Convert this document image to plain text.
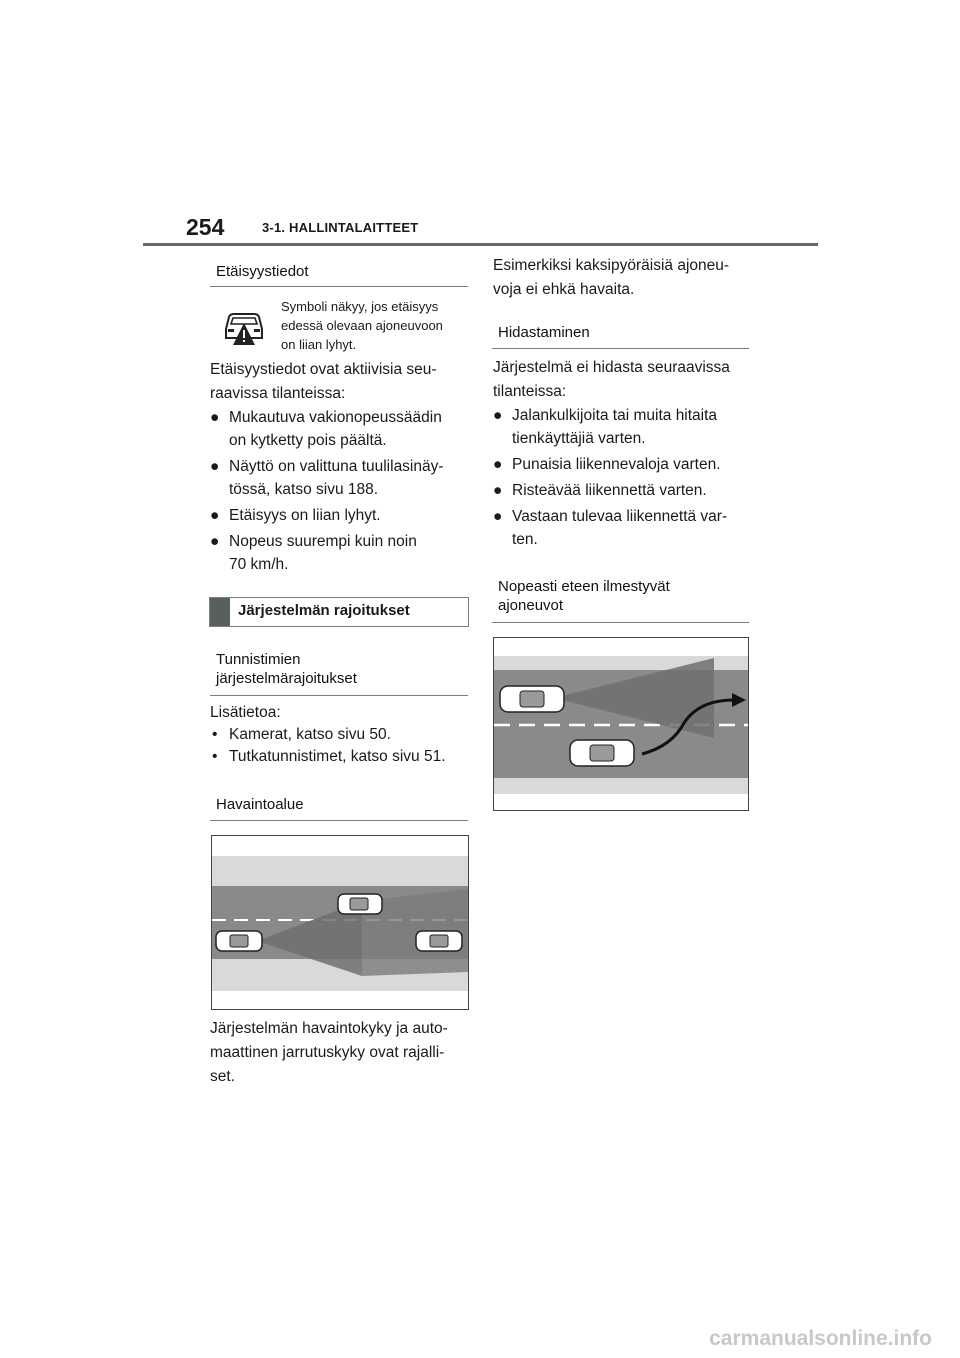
254	3-1. HALLINTALAITTEET
Etäisyystiedot
Symboli näkyy, jos etäisyys
edessä olevaan ajoneuvoon
on liian lyhyt.
Etäisyystiedot ovat aktiivisia seu-
raavissa tilanteissa:
● Mukautuva vakionopeussäädin
on kytketty pois päältä.
● Näyttö on valittuna tuulilasinäy-
tössä, katso sivu 188.
● Etäisyys on liian lyhyt.
● Nopeus suurempi kuin noin
70 km/h.
Järjestelmän rajoitukset
Tunnistimien
järjestelmärajoitukset
Lisätietoa:
• Kamerat, katso sivu 50.
• Tutkatunnistimet, katso sivu 51.
Havaintoalue
Järjestelmän havaintokyky ja auto-
maattinen jarrutuskyky ovat rajalli-
set.
Esimerkiksi kaksipyöräisiä ajoneu-
voja ei ehkä havaita.
Hidastaminen
Järjestelmä ei hidasta seuraavissa
tilanteissa:
● Jalankulkijoita tai muita hitaita
tienkäyttäjiä varten.
● Punaisia liikennevaloja varten.
● Risteävää liikennettä varten.
● Vastaan tulevaa liikennettä var-
ten.
Nopeasti eteen ilmestyvät
ajoneuvot
carmanualsonline.info
